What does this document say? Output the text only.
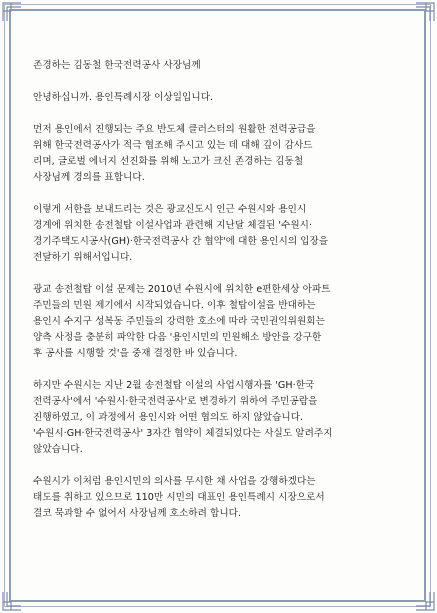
존경하는 김동철 한국전력공사 사장님께

안녕하십니까. 용인특례시장 이상일입니다.

먼저 용인에서 진행되는 주요 반도체 클러스터의 원활한 전력공급을
위해 한국전력공사가 적극 협조해 주시고 있는 데 대해 깊이 감사드
리며, 글로벌 에너지 선진화를 위해 노고가 크신 존경하는 김동철
사장님께 경의를 표합니다.

이렇게 서한을 보내드리는 것은 광교신도시 인근 수원시와 용인시
경계에 위치한 송전철탑 이설사업과 관련해 지난달 체결된 '수원시·
경기주택도시공사(GH)·한국전력공사 간 협약'에 대한 용인시의 입장을
전달하기 위해서입니다.

광교 송전철탑 이설 문제는 2010년 수원시에 위치한 e편한세상 아파트
주민들의 민원 제기에서 시작되었습니다. 이후 철탑이설을 반대하는
용인시 수지구 성복동 주민들의 강력한 호소에 따라 국민권익위원회는
양측 사정을 충분히 파악한 다음 '용인시민의 민원해소 방안을 강구한
후 공사를 시행할 것'을 중재 결정한 바 있습니다.

하지만 수원시는 지난 2월 송전철탑 이설의 사업시행자를 'GH·한국
전력공사'에서 '수원시·한국전력공사'로 변경하기 위하여 주민공람을
진행하였고, 이 과정에서 용인시와 어떤 협의도 하지 않았습니다.
'수원시·GH·한국전력공사' 3자간 협약이 체결되었다는 사실도 알려주지
않았습니다.

수원시가 이처럼 용인시민의 의사를 무시한 채 사업을 강행하겠다는
태도를 취하고 있으므로 110만 시민의 대표인 용인특례시 시장으로서
결코 묵과할 수 없어서 사장님께 호소하려 합니다.
